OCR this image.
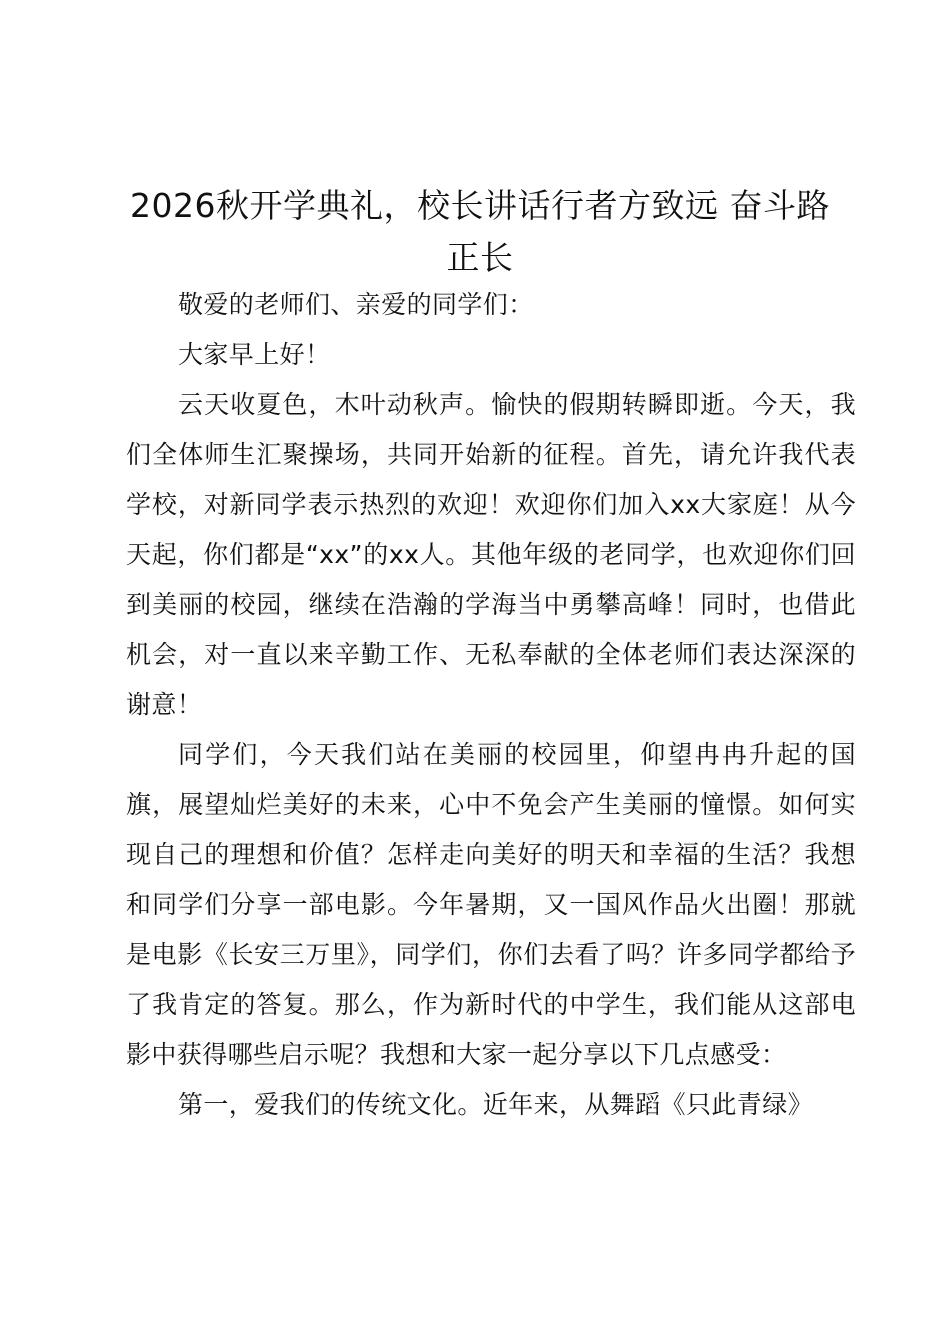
2026秋开学典礼，校长讲话行者方致远 奋斗路正长

敬爱的老师们、亲爱的同学们：

大家早上好！

云天收夏色，木叶动秋声。愉快的假期转瞬即逝。今天，我们全体师生汇聚操场，共同开始新的征程。首先，请允许我代表学校，对新同学表示热烈的欢迎！欢迎你们加入xx大家庭！从今天起，你们都是“xx”的xx人。其他年级的老同学，也欢迎你们回到美丽的校园，继续在浩瀚的学海当中勇攀高峰！同时，也借此机会，对一直以来辛勤工作、无私奉献的全体老师们表达深深的谢意！

同学们，今天我们站在美丽的校园里，仰望冉冉升起的国旗，展望灿烂美好的未来，心中不免会产生美丽的憧憬。如何实现自己的理想和价值？怎样走向美好的明天和幸福的生活？我想和同学们分享一部电影。今年暑期，又一国风作品火出圈！那就是电影《长安三万里》，同学们，你们去看了吗？许多同学都给予了我肯定的答复。那么，作为新时代的中学生，我们能从这部电影中获得哪些启示呢？我想和大家一起分享以下几点感受：

第一，爱我们的传统文化。近年来，从舞蹈《只此青绿》
